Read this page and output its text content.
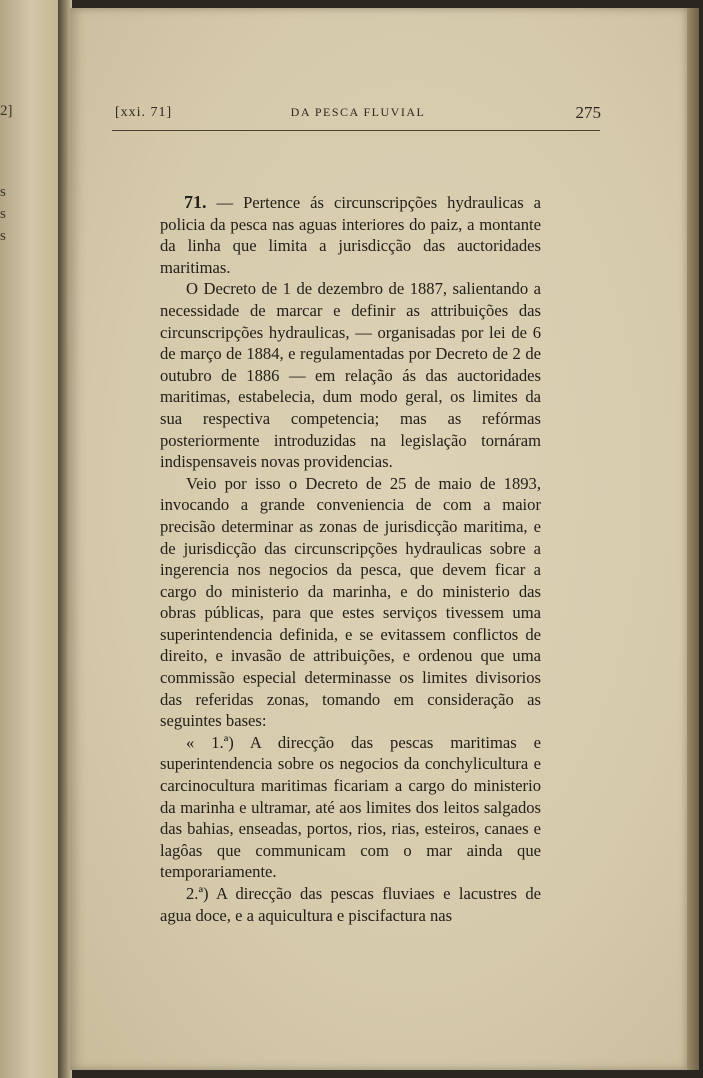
2]
s
s
s
[xxi. 71]	DA PESCA FLUVIAL	275

71. — Pertence ás circunscripções hydraulicas a policia da pesca nas aguas interiores do paiz, a montante da linha que limita a jurisdicção das auctoridades maritimas.

O Decreto de 1 de dezembro de 1887, salientando a necessidade de marcar e definir as attribuições das circunscripções hydraulicas, — organisadas por lei de 6 de março de 1884, e regulamentadas por Decreto de 2 de outubro de 1886 — em relação ás das auctoridades maritimas, estabelecia, dum modo geral, os limites da sua respectiva competencia; mas as refórmas posteriormente introduzidas na legislação tornáram indispensaveis novas providencias.

Veio por isso o Decreto de 25 de maio de 1893, invocando a grande conveniencia de com a maior precisão determinar as zonas de jurisdicção maritima, e de jurisdicção das circunscripções hydraulicas sobre a ingerencia nos negocios da pesca, que devem ficar a cargo do ministerio da marinha, e do ministerio das obras públicas, para que estes serviços tivessem uma superintendencia definida, e se evitassem conflictos de direito, e invasão de attribuições, e ordenou que uma commissão especial determinasse os limites divisorios das referidas zonas, tomando em consideração as seguintes bases:

« 1.ª) A direcção das pescas maritimas e superintendencia sobre os negocios da conchylicultura e carcinocultura maritimas ficariam a cargo do ministerio da marinha e ultramar, até aos limites dos leitos salgados das bahias, enseadas, portos, rios, rias, esteiros, canaes e lagôas que communicam com o mar ainda que temporariamente.

2.ª) A direcção das pescas fluviaes e lacustres de agua doce, e a aquicultura e piscifactura nas
